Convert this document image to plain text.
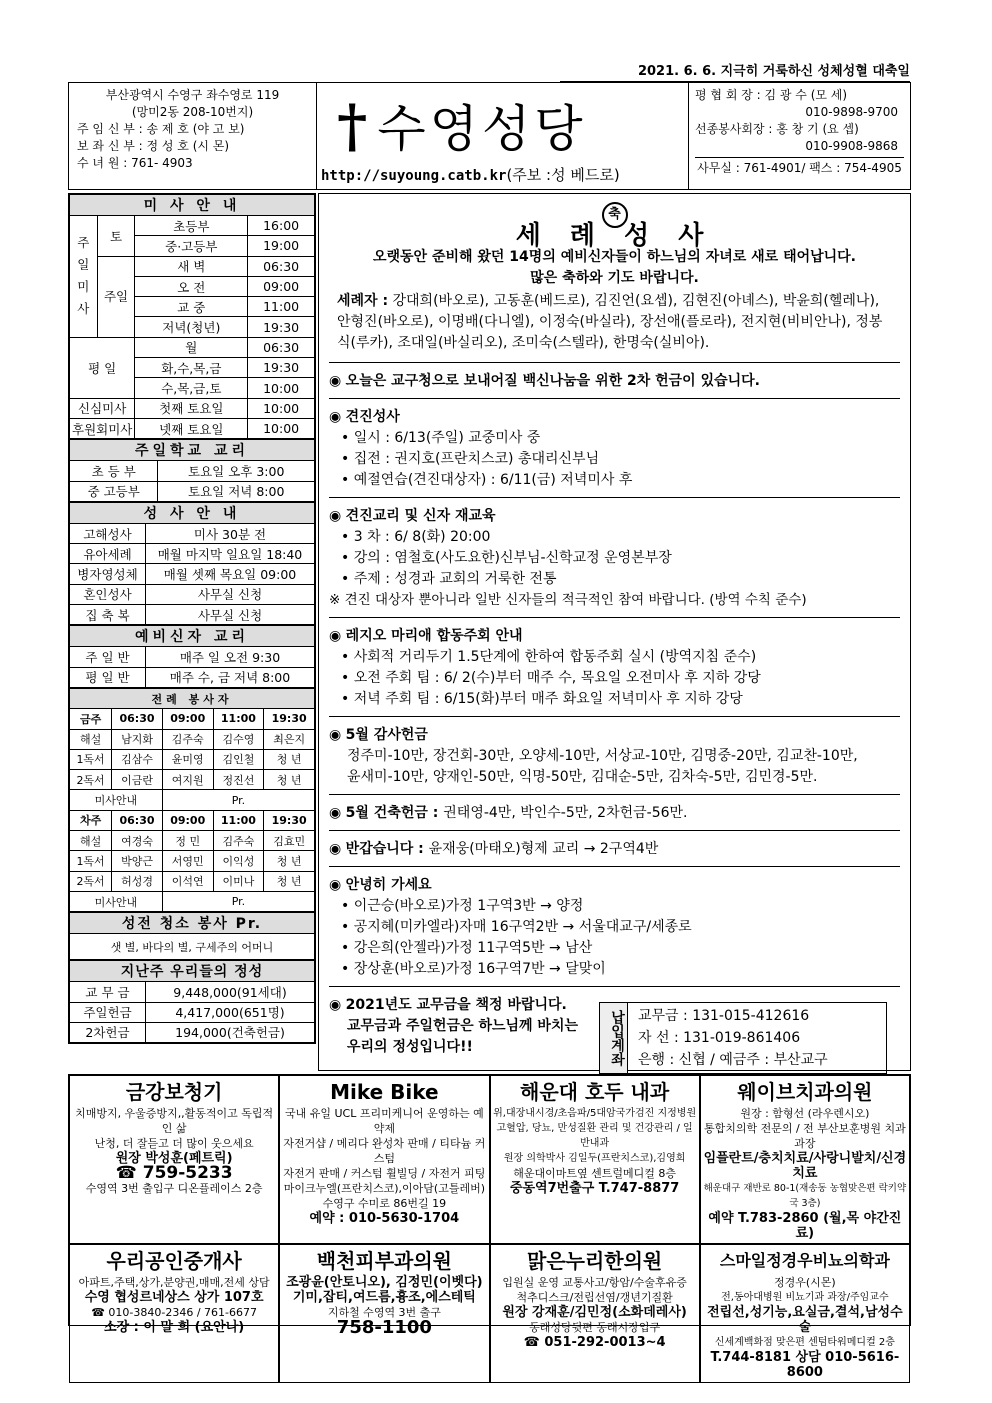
2021. 6. 6. 지극히 거룩하신 성체성혈 대축일
부산광역시 수영구 좌수영로 119
(망미2동 208-10번지)
주 임 신 부 : 송 제 호 (야 고 보)
보 좌 신 부 : 정 성 호 (시 몬)
수 녀 원 : 761- 4903
† 수영성당
http://suyoung.catb.kr(주보 :성 베드로)
평 협 회 장 : 김 광 수 (모 세)
010-9898-9700
선종봉사회장 : 홍 창 기 (요 셉)
010-9908-9868
사무실 : 761-4901/ 팩스 : 754-4905
미 사 안 내			
주일미사	토	초등부	16:00
		중·고등부	19:00
	주일	새 벽	06:30
		오 전	09:00
		교 중	11:00
		저녁(청년)	19:30

평 일		월	06:30
		화,수,목,금	19:30
		수,목,금,토	10:00
신심미사		첫째 토요일	10:00
후원회미사		넷째 토요일	10:00
주일학교 교리	
초 등 부	토요일 오후 3:00
중 고등부	토요일 저녁 8:00
성 사 안 내	
고해성사	미사 30분 전
유아세례	매월 마지막 일요일 18:40
병자영성체	매월 셋째 목요일 09:00
혼인성사	사무실 신청
집 축 복	사무실 신청
예비신자 교리	
주 일 반	매주 일 오전 9:30
평 일 반	매주 수, 금 저녁 8:00
전례 봉사자				
금주	06:30	09:00	11:00	19:30
해설	남지화	김주숙	김수영	최은지
1독서	김삼수	윤미영	김인철	청 년
2독서	이금란	여지원	정진선	청 년
미사안내		Pr.		
차주	06:30	09:00	11:00	19:30
해설	여경숙	정 민	김주숙	김효민
1독서	박양근	서영민	이익성	청 년
2독서	허성경	이석연	이미나	청 년
미사안내		Pr.		
성전 청소 봉사 Pr.
샛 별, 바다의 별, 구세주의 어머니
지난주 우리들의 정성	
교 무 금	9,448,000(91세대)
주일헌금	4,417,000(651명)
2차헌금	194,000(건축헌금)
축
세 례 성 사
오랫동안 준비해 왔던 14명의 예비신자들이 하느님의 자녀로 새로 태어납니다.
많은 축하와 기도 바랍니다.
세례자 : 강대희(바오로), 고동훈(베드로), 김진언(요셉), 김현진(아녜스), 박윤희(헬레나), 안형진(바오로), 이명배(다니엘), 이정숙(바실라), 장선애(플로라), 전지현(비비안나), 정봉식(루카), 조대일(바실리오), 조미숙(스텔라), 한명숙(실비아).
◉ 오늘은 교구청으로 보내어질 백신나눔을 위한 2차 헌금이 있습니다.
◉ 견진성사
• 일시 : 6/13(주일) 교중미사 중
• 집전 : 권지호(프란치스코) 총대리신부님
• 예절연습(견진대상자) : 6/11(금) 저녁미사 후
◉ 견진교리 및 신자 재교육
• 3 차 : 6/ 8(화) 20:00
• 강의 : 염철호(사도요한)신부님-신학교정 운영본부장
• 주제 : 성경과 교회의 거룩한 전통
※ 견진 대상자 뿐아니라 일반 신자들의 적극적인 참여 바랍니다. (방역 수칙 준수)
◉ 레지오 마리애 합동주회 안내
• 사회적 거리두기 1.5단계에 한하여 합동주회 실시 (방역지침 준수)
• 오전 주회 팀 : 6/ 2(수)부터 매주 수, 목요일 오전미사 후 지하 강당
• 저녁 주회 팀 : 6/15(화)부터 매주 화요일 저녁미사 후 지하 강당
◉ 5월 감사헌금
정주미-10만, 장건회-30만, 오양세-10만, 서상교-10만, 김명중-20만, 김교찬-10만,
윤새미-10만, 양재인-50만, 익명-50만, 김대순-5만, 김차숙-5만, 김민경-5만.
◉ 5월 건축헌금 : 권태영-4만, 박인수-5만, 2차헌금-56만.
◉ 반갑습니다 : 윤재웅(마태오)형제 교리 → 2구역4반
◉ 안녕히 가세요
• 이근승(바오로)가정 1구역3반 → 양정
• 공지혜(미카엘라)자매 16구역2반 → 서울대교구/세종로
• 강은희(안젤라)가정 11구역5반 → 남산
• 장상훈(바오로)가정 16구역7반 → 달맞이
◉ 2021년도 교무금을 책정 바랍니다.
교무금과 주일헌금은 하느님께 바치는
우리의 정성입니다!!	납입계좌 교무금 : 131-015-412616
자 선 : 131-019-861406
은행 : 신협 / 예금주 : 부산교구
금강보청기
치매방지, 우울증방지,,활동적이고 독립적인 삶
난청, 더 잘듣고 더 많이 웃으세요
원장 박성훈(페트릭)
☎ 759-5233
수영역 3번 출입구 디온플레이스 2층
Mike Bike
국내 유일 UCL 프리미케니어 운영하는 예약제
자전거샵 / 메리다 완성차 판매 / 티타늄 커스텀
자전거 판매 / 커스텀 휠빌딩 / 자전거 피팅
마이크누엘(프란치스코),이아담(고틀레버)
수영구 수미로 86번길 19
예약 : 010-5630-1704
해운대 호두 내과
위,대장내시경/초음파/5대암국가검진 지정병원
고혈압, 당뇨, 만성질환 관리 및 건강관리 / 일반내과
원장 의학박사 김일두(프란치스코),김영희
해운대이마트옆 센트럴메디컬 8층
중동역7번출구 T.747-8877
웨이브치과의원
원장 : 함형선 (라우렌시오)
통합치의학 전문의 / 전 부산보훈병원 치과과장
임플란트/충치치료/사랑니발치/신경치료
해운대구 재반로 80-1(재송동 농협맞은편 락키약국 3층)
예약 T.783-2860 (월,목 야간진료)
우리공인중개사
아파트,주택,상가,분양권,매매,전세 상담
수영 협성르네상스 상가 107호
☎ 010-3840-2346 / 761-6677
소장 : 이 말 희 (요안나)
백천피부과의원
조광윤(안토니오), 김정민(이벳다)
기미,잡티,여드름,흉조,에스테틱
지하철 수영역 3번 출구
758-1100
맑은누리한의원
입원실 운영 교통사고/항암/수술후유증
척추디스크/전립선염/갱년기질환
원장 강재훈/김민정(소화데레사)
동래성당뒷편 동래시장입구
☎ 051-292-0013~4
스마일정경우비뇨의학과
정경우(시몬)
전,동아대병원 비뇨기과 과장/주임교수
전립선,성기능,요실금,결석,남성수술
신세계백화점 맞은편 센텀타워메디컬 2층
T.744-8181 상담 010-5616-8600
